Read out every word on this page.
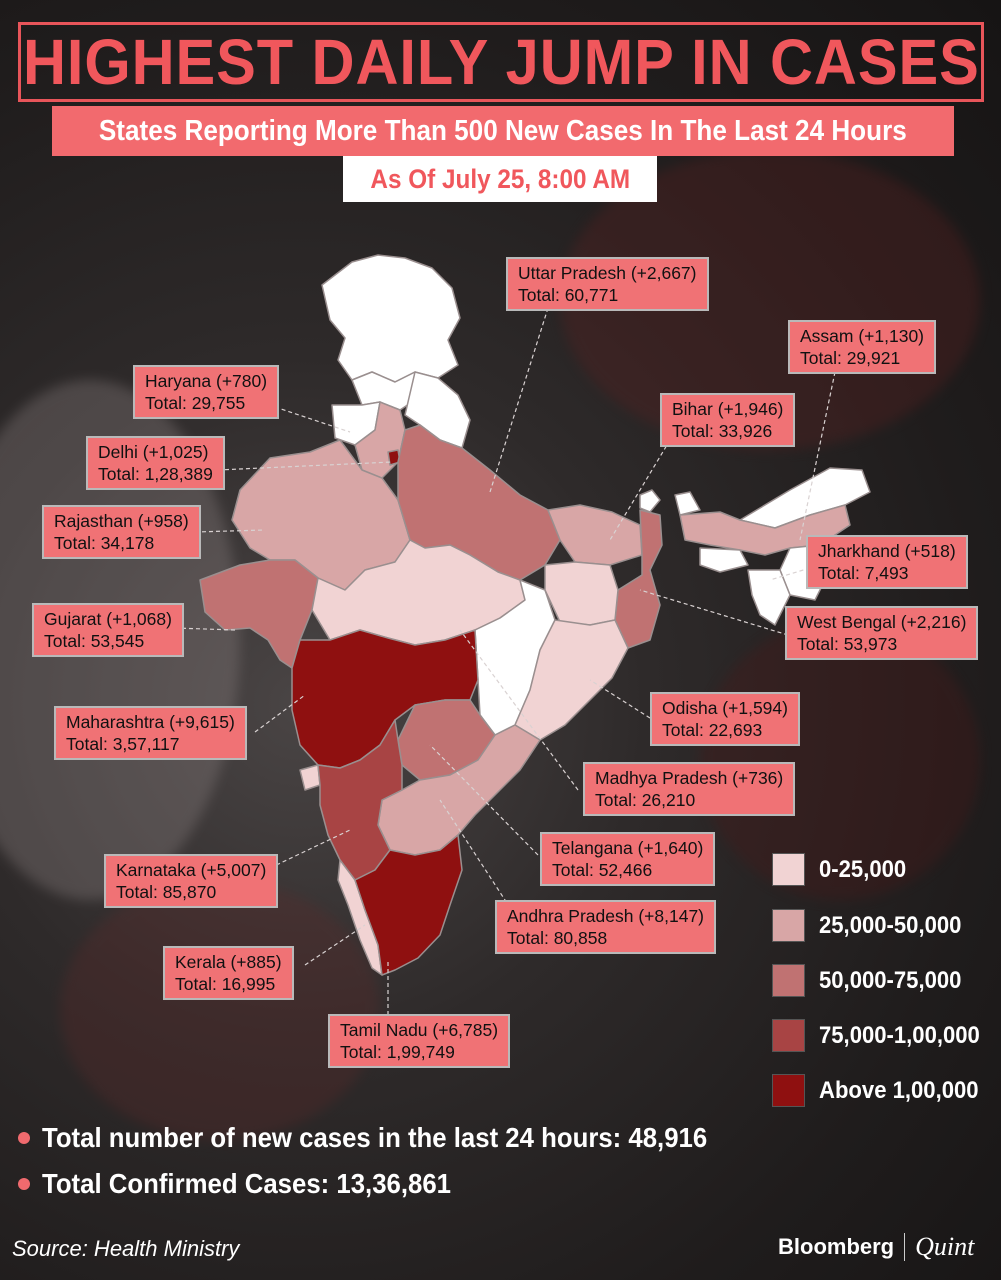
HIGHEST DAILY JUMP IN CASES
States Reporting More Than 500 New Cases In The Last 24 Hours
As Of July 25, 8:00 AM
Uttar Pradesh (+2,667)
Total: 60,771
Assam (+1,130)
Total: 29,921
Haryana (+780)
Total: 29,755	Bihar (+1,946)
Total: 33,926
Delhi (+1,025)
Total: 1,28,389
Rajasthan (+958)
Total: 34,178	Jharkhand (+518)
Total: 7,493
Gujarat (+1,068)
Total: 53,545
West Bengal (+2,216)
Total: 53,973
Maharashtra (+9,615)
Total: 3,57,117
Odisha (+1,594)
Total: 22,693
Madhya Pradesh (+736)
Total: 26,210
Telangana (+1,640)
Total: 52,466
Karnataka (+5,007)
Total: 85,870
Andhra Pradesh (+8,147)
Total: 80,858
Kerala (+885)
Total: 16,995
Tamil Nadu (+6,785)
Total: 1,99,749
0-25,000
25,000-50,000
50,000-75,000
75,000-1,00,000
Above 1,00,000
Total number of new cases in the last 24 hours: 48,916
Total Confirmed Cases: 13,36,861
Source: Health Ministry	Bloomberg Quint
